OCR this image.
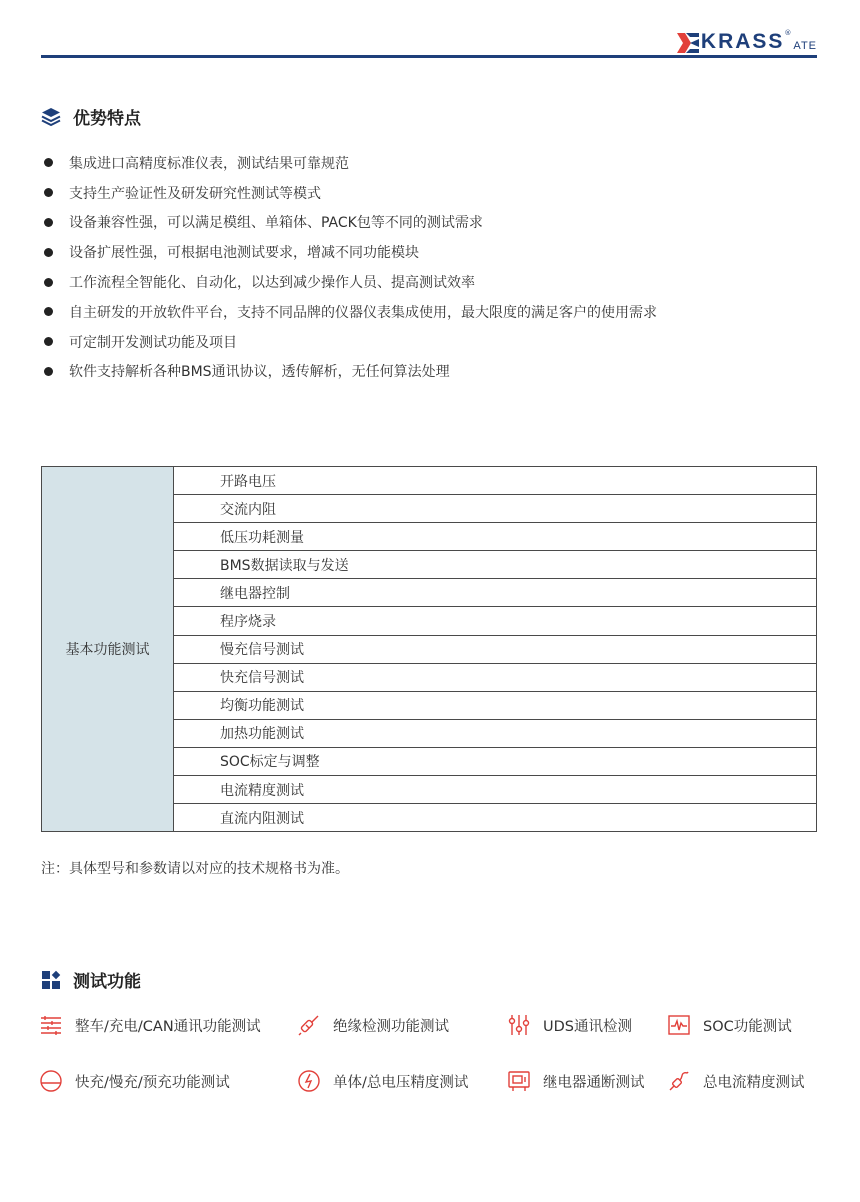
KRASS ®
ATE
优势特点
集成进口高精度标准仪表，测试结果可靠规范
支持生产验证性及研发研究性测试等模式
设备兼容性强，可以满足模组、单箱体、PACK包等不同的测试需求
设备扩展性强，可根据电池测试要求，增减不同功能模块
工作流程全智能化、自动化，以达到减少操作人员、提高测试效率
自主研发的开放软件平台，支持不同品牌的仪器仪表集成使用，最大限度的满足客户的使用需求
可定制开发测试功能及项目
软件支持解析各种BMS通讯协议，透传解析，无任何算法处理
基本功能测试	开路电压
交流内阻
低压功耗测量
BMS数据读取与发送
继电器控制
程序烧录
慢充信号测试
快充信号测试
均衡功能测试
加热功能测试
SOC标定与调整
电流精度测试
直流内阻测试
注：具体型号和参数请以对应的技术规格书为准。
测试功能
整车/充电/CAN通讯功能测试	绝缘检测功能测试	UDS通讯检测	SOC功能测试
快充/慢充/预充功能测试	单体/总电压精度测试	继电器通断测试	总电流精度测试
